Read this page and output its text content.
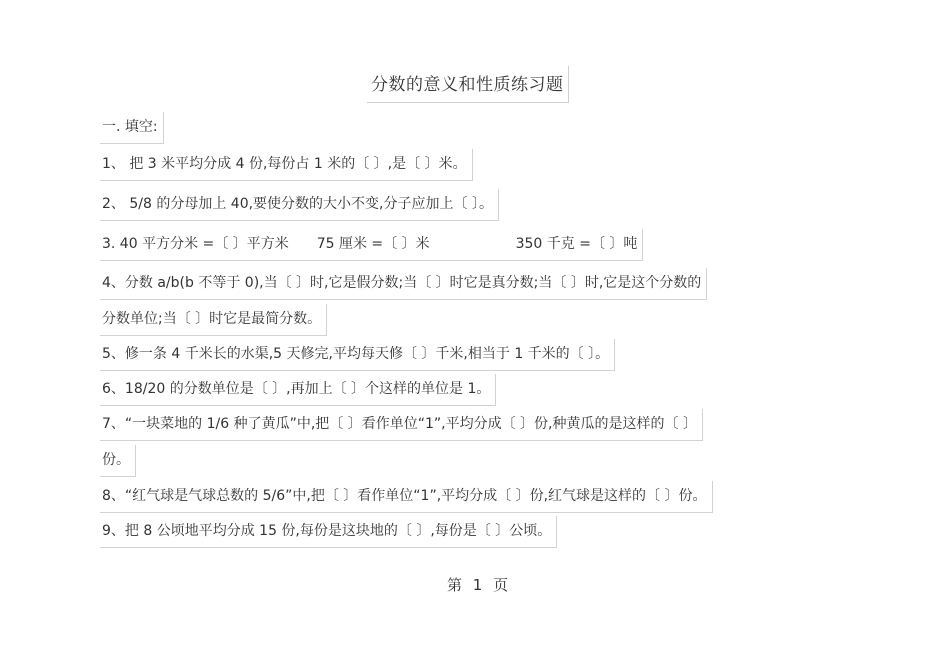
分数的意义和性质练习题
一. 填空:
1、 把 3 米平均分成 4 份,每份占 1 米的〔 〕,是〔 〕米。
2、 5/8 的分母加上 40,要使分数的大小不变,分子应加上〔 〕。
3. 40 平方分米 =〔 〕平方米 75 厘米 =〔 〕米	350 千克 =〔 〕吨
4、分数 a/b(b 不等于 0),当〔 〕时,它是假分数;当〔 〕时它是真分数;当〔 〕时,它是这个分数的
分数单位;当〔 〕时它是最简分数。
5、修一条 4 千米长的水渠,5 天修完,平均每天修〔 〕千米,相当于 1 千米的〔 〕。
6、18/20 的分数单位是〔 〕,再加上〔 〕个这样的单位是 1。
7、“一块菜地的 1/6 种了黄瓜”中,把〔 〕看作单位“1”,平均分成〔 〕份,种黄瓜的是这样的〔 〕
份。
8、“红气球是气球总数的 5/6”中,把〔 〕看作单位“1”,平均分成〔 〕份,红气球是这样的〔 〕份。
9、把 8 公顷地平均分成 15 份,每份是这块地的〔 〕,每份是〔 〕公顷。
第 1 页
